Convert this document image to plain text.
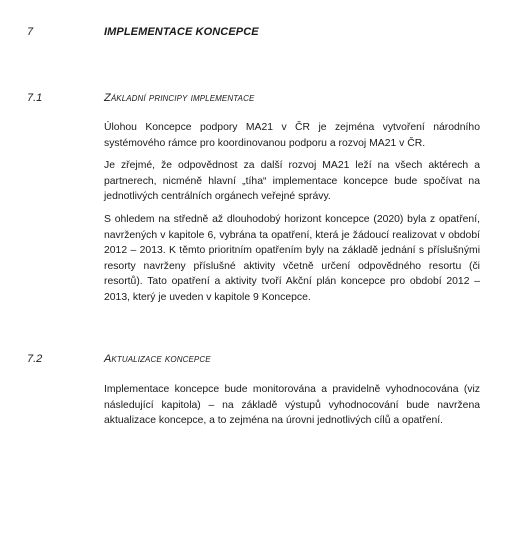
7	IMPLEMENTACE KONCEPCE
7.1	Základní principy implementace

Úlohou Koncepce podpory MA21 v ČR je zejména vytvoření národního systémového rámce pro koordinovanou podporu a rozvoj MA21 v ČR.

Je zřejmé, že odpovědnost za další rozvoj MA21 leží na všech aktérech a partnerech, nicméně hlavní „tíha“ implementace koncepce bude spočívat na jednotlivých centrálních orgánech veřejné správy.

S ohledem na středně až dlouhodobý horizont koncepce (2020) byla z opatření, navržených v kapitole 6, vybrána ta opatření, která je žádoucí realizovat v období 2012 – 2013. K těmto prioritním opatřením byly na základě jednání s příslušnými resorty navrženy příslušné aktivity včetně určení odpovědného resortu (či resortů). Tato opatření a aktivity tvoří Akční plán koncepce pro období 2012 – 2013, který je uveden v kapitole 9 Koncepce.

7.2	Aktualizace koncepce

Implementace koncepce bude monitorována a pravidelně vyhodnocována (viz následující kapitola) – na základě výstupů vyhodnocování bude navržena aktualizace koncepce, a to zejména na úrovni jednotlivých cílů a opatření.
